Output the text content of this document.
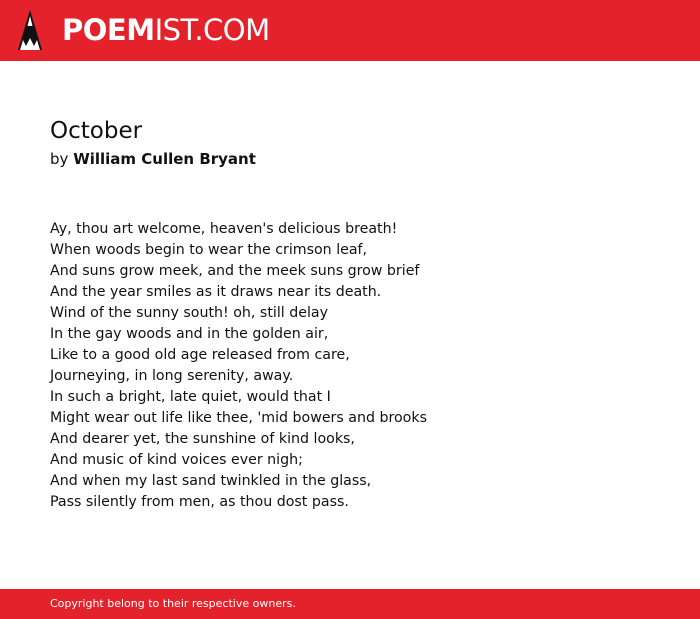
POEMIST.COM
October
by William Cullen Bryant
Ay, thou art welcome, heaven's delicious breath!
When woods begin to wear the crimson leaf,
And suns grow meek, and the meek suns grow brief
And the year smiles as it draws near its death.
Wind of the sunny south! oh, still delay
In the gay woods and in the golden air,
Like to a good old age released from care,
Journeying, in long serenity, away.
In such a bright, late quiet, would that I
Might wear out life like thee, 'mid bowers and brooks
And dearer yet, the sunshine of kind looks,
And music of kind voices ever nigh;
And when my last sand twinkled in the glass,
Pass silently from men, as thou dost pass.
Copyright belong to their respective owners.
